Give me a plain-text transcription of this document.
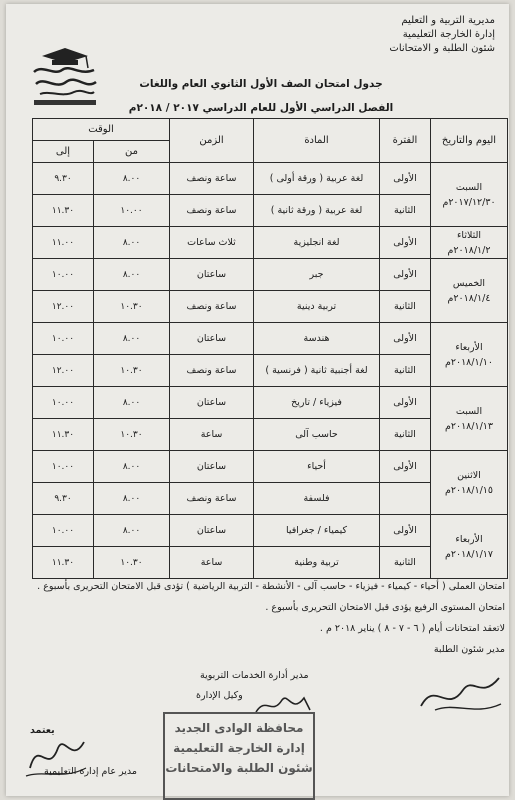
مديرية التربية و التعليم
إدارة الخارجة التعليمية
شئون الطلبة و الامتحانات
جدول امتحان الصف الأول الثانوي العام واللغات
الفصل الدراسي الأول للعام الدراسي ٢٠١٧ / ٢٠١٨م
اليوم والتاريخ	الفترة	المادة	الزمن	الوقت	
				من	إلى

السبت
٢٠١٧/١٢/٣٠م	الأولى	لغة عربية ( ورقة أولى )	ساعة ونصف	٨.٠٠	٩.٣٠
	الثانية	لغة عربية ( ورقة ثانية )	ساعة ونصف	١٠.٠٠	١١.٣٠

الثلاثاء
٢٠١٨/١/٢م	الأولى	لغة انجليزية	ثلاث ساعات	٨.٠٠	١١.٠٠

الخميس
٢٠١٨/١/٤م	الأولى	جبر	ساعتان	٨.٠٠	١٠.٠٠
	الثانية	تربية دينية	ساعة ونصف	١٠.٣٠	١٢.٠٠

الأربعاء
٢٠١٨/١/١٠م	الأولى	هندسة	ساعتان	٨.٠٠	١٠.٠٠
	الثانية	لغة أجنبية ثانية ( فرنسية )	ساعة ونصف	١٠.٣٠	١٢.٠٠

السبت
٢٠١٨/١/١٣م	الأولى	فيزياء / تاريخ	ساعتان	٨.٠٠	١٠.٠٠
	الثانية	حاسب آلى	ساعة	١٠.٣٠	١١.٣٠

الاثنين
٢٠١٨/١/١٥م	الأولى	أحياء	ساعتان	٨.٠٠	١٠.٠٠
		فلسفة	ساعة ونصف	٨.٠٠	٩.٣٠

الأربعاء
٢٠١٨/١/١٧م	الأولى	كيمياء / جغرافيا	ساعتان	٨.٠٠	١٠.٠٠
	الثانية	تربية وطنية	ساعة	١٠.٣٠	١١.٣٠
امتحان العملى ( أحياء - كيمياء - فيزياء - حاسب آلى - الأنشطة - التربية الرياضية ) تؤدى قبل الامتحان التحريرى بأسبوع .
امتحان المستوى الرفيع يؤدى قبل الامتحان التحريرى بأسبوع .
لاتعقد امتحانات أيام ( ٦ - ٧ - ٨ ) يناير ٢٠١٨ م .
مدير شئون الطلبة
مدير أدارة الخدمات التربوية
وكيل الإدارة
يعتمد
مدير عام إدارة التعليمية
محافظة الوادى الجديد
إدارة الخارجة التعليمية
شئون الطلبة والامتحانات
